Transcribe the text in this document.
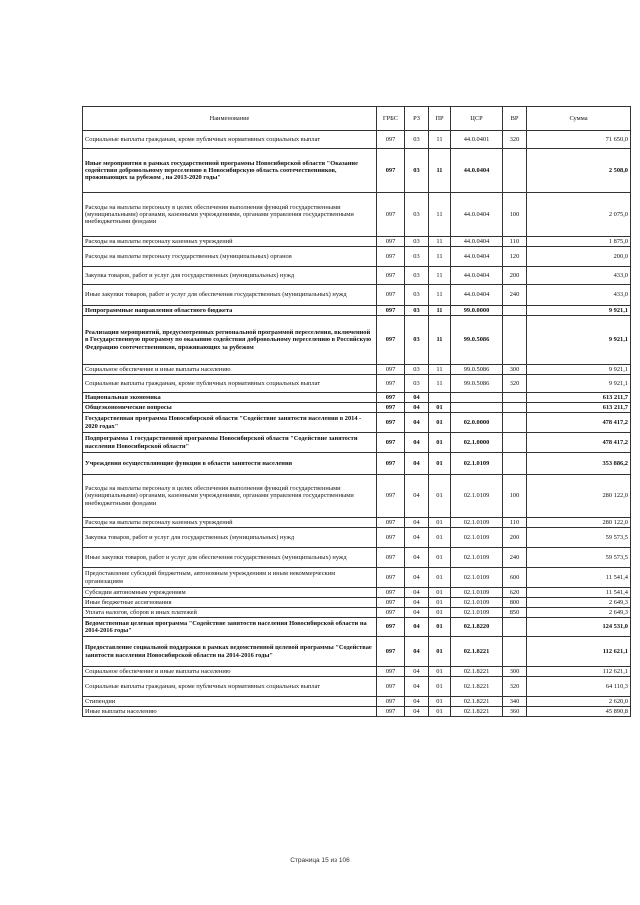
Наименование	ГРБС	РЗ	ПР	ЦСР	ВР	Сумма
Социальные выплаты гражданам, кроме публичных нормативных социальных выплат	097	03	11	44.0.0401	320	71 650,0
Иные мероприятия в рамках государственной программы Новосибирской области "Оказание содействия добровольному переселению в Новосибирскую область соотечественников, проживающих за рубежом , на 2013-2020 годы"	097	03	11	44.0.0404		2 508,0
Расходы на выплаты персоналу в целях обеспечения выполнения функций государственными (муниципальными) органами, казенными учреждениями, органами управления государственными внебюджетными фондами	097	03	11	44.0.0404	100	2 075,0
Расходы на выплаты персоналу казенных учреждений	097	03	11	44.0.0404	110	1 875,0
Расходы на выплаты персоналу государственных (муниципальных) органов	097	03	11	44.0.0404	120	200,0
Закупка товаров, работ и услуг для государственных (муниципальных) нужд	097	03	11	44.0.0404	200	433,0
Иные закупки товаров, работ и услуг для обеспечения государственных (муниципальных) нужд	097	03	11	44.0.0404	240	433,0
Непрограммные направления областного бюджета	097	03	11	99.0.0000		9 921,1
Реализация мероприятий, предусмотренных региональной программой переселения, включенной в Государственную программу по оказанию содействия добровольному переселению в Российскую Федерацию соотечественников, проживающих за рубежом	097	03	11	99.0.5086		9 921,1
Социальное обеспечение и иные выплаты населению	097	03	11	99.0.5086	300	9 921,1
Социальные выплаты гражданам, кроме публичных нормативных социальных выплат	097	03	11	99.0.5086	320	9 921,1
Национальная экономика	097	04				613 211,7
Общеэкономические вопросы	097	04	01			613 211,7
Государственная программа Новосибирской области "Содействие занятости населения в 2014 - 2020 годах"	097	04	01	02.0.0000		478 417,2
Подпрограмма 1 государственной программы Новосибирской области "Содействие занятости населения Новосибирской области"	097	04	01	02.1.0000		478 417,2
Учреждения осуществляющие функции в области занятости населения	097	04	01	02.1.0109		353 886,2
Расходы на выплаты персоналу в целях обеспечения выполнения функций государственными (муниципальными) органами, казенными учреждениями, органами управления государственными внебюджетными фондами	097	04	01	02.1.0109	100	280 122,0
Расходы на выплаты персоналу казенных учреждений	097	04	01	02.1.0109	110	280 122,0
Закупка товаров, работ и услуг для государственных (муниципальных) нужд	097	04	01	02.1.0109	200	59 573,5
Иные закупки товаров, работ и услуг для обеспечения государственных (муниципальных) нужд	097	04	01	02.1.0109	240	59 573,5
Предоставление субсидий бюджетным, автономным учреждениям и иным некоммерческим организациям	097	04	01	02.1.0109	600	11 541,4
Субсидии автономным учреждениям	097	04	01	02.1.0109	620	11 541,4
Иные бюджетные ассигнования	097	04	01	02.1.0109	800	2 649,3
Уплата налогов, сборов и иных платежей	097	04	01	02.1.0109	850	2 649,3
Ведомственная целевая программа "Содействие занятости населения Новосибирской области на 2014-2016 годы"	097	04	01	02.1.8220		124 531,0
Предоставление социальной поддержки в рамках ведомственной целевой программы "Содействае занятости населения Новосибирской области на 2014-2016 годы"	097	04	01	02.1.8221		112 621,1
Социальное обеспечение и иные выплаты населению	097	04	01	02.1.8221	300	112 621,1
Социальные выплаты гражданам, кроме публичных нормативных социальных выплат	097	04	01	02.1.8221	320	64 110,3
Стипендии	097	04	01	02.1.8221	340	2 620,0
Иные выплаты населению	097	04	01	02.1.8221	360	45 890,8
Страница 15 из 106
